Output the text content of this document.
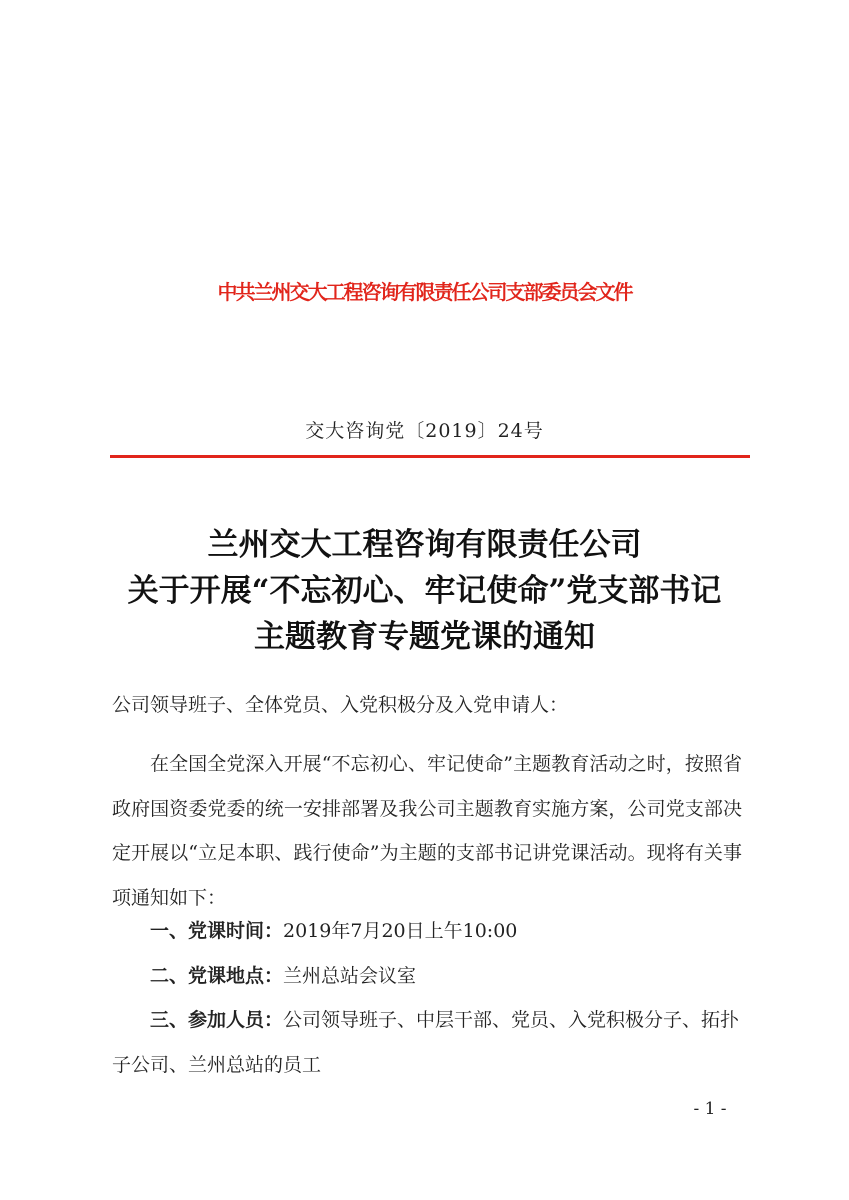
中共兰州交大工程咨询有限责任公司支部委员会文件
交大咨询党〔2019〕24号
兰州交大工程咨询有限责任公司
关于开展“不忘初心、牢记使命”党支部书记
主题教育专题党课的通知
公司领导班子、全体党员、入党积极分及入党申请人：
在全国全党深入开展“不忘初心、牢记使命”主题教育活动之时，按照省政府国资委党委的统一安排部署及我公司主题教育实施方案，公司党支部决定开展以“立足本职、践行使命”为主题的支部书记讲党课活动。现将有关事项通知如下：
一、党课时间：2019年7月20日上午10:00
二、党课地点：兰州总站会议室
三、参加人员：公司领导班子、中层干部、党员、入党积极分子、拓扑子公司、兰州总站的员工
- 1 -
